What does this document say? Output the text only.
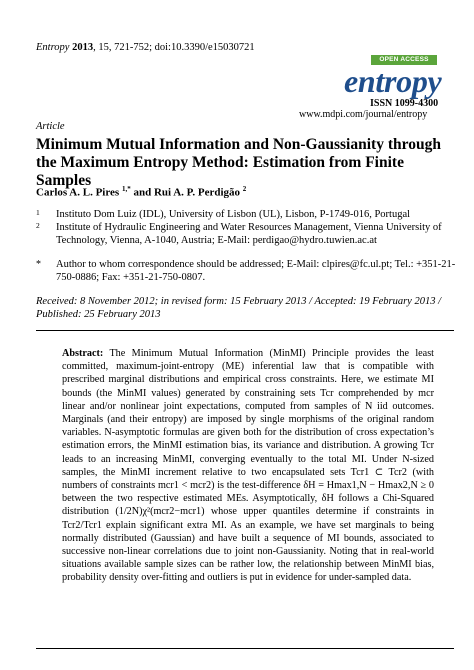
Entropy 2013, 15, 721-752; doi:10.3390/e15030721
OPEN ACCESS
entropy
ISSN 1099-4300
www.mdpi.com/journal/entropy
Article
Minimum Mutual Information and Non-Gaussianity through the Maximum Entropy Method: Estimation from Finite Samples
Carlos A. L. Pires $^{1,*}$ and Rui A. P. Perdigão $^2$
1 Instituto Dom Luiz (IDL), University of Lisbon (UL), Lisbon, P-1749-016, Portugal
2 Institute of Hydraulic Engineering and Water Resources Management, Vienna University of Technology, Vienna, A-1040, Austria; E-Mail: perdigao@hydro.tuwien.ac.at
* Author to whom correspondence should be addressed; E-Mail: clpires@fc.ul.pt; Tel.: +351-21-750-0886; Fax: +351-21-750-0807.
Received: 8 November 2012; in revised form: 15 February 2013 / Accepted: 19 February 2013 / Published: 25 February 2013
Abstract: The Minimum Mutual Information (MinMI) Principle provides the least committed, maximum-joint-entropy (ME) inferential law that is compatible with prescribed marginal distributions and empirical cross constraints. Here, we estimate MI bounds (the MinMI values) generated by constraining sets Tcr comprehended by mcr linear and/or nonlinear joint expectations, computed from samples of N iid outcomes. Marginals (and their entropy) are imposed by single morphisms of the original random variables. N-asymptotic formulas are given both for the distribution of cross expectation’s estimation errors, the MinMI estimation bias, its variance and distribution. A growing Tcr leads to an increasing MinMI, converging eventually to the total MI. Under N-sized samples, the MinMI increment relative to two encapsulated sets Tcr1 ⊂ Tcr2 (with numbers of constraints mcr1 < mcr2) is the test-difference δH = Hmax1,N − Hmax2,N ≥ 0 between the two respective estimated MEs. Asymptotically, δH follows a Chi-Squared distribution (1/2N)χ²(mcr2−mcr1) whose upper quantiles determine if constraints in Tcr2/Tcr1 explain significant extra MI. As an example, we have set marginals to being normally distributed (Gaussian) and have built a sequence of MI bounds, associated to successive non-linear correlations due to joint non-Gaussianity. Noting that in real-world situations available sample sizes can be rather low, the relationship between MinMI bias, probability density over-fitting and outliers is put in evidence for under-sampled data.
